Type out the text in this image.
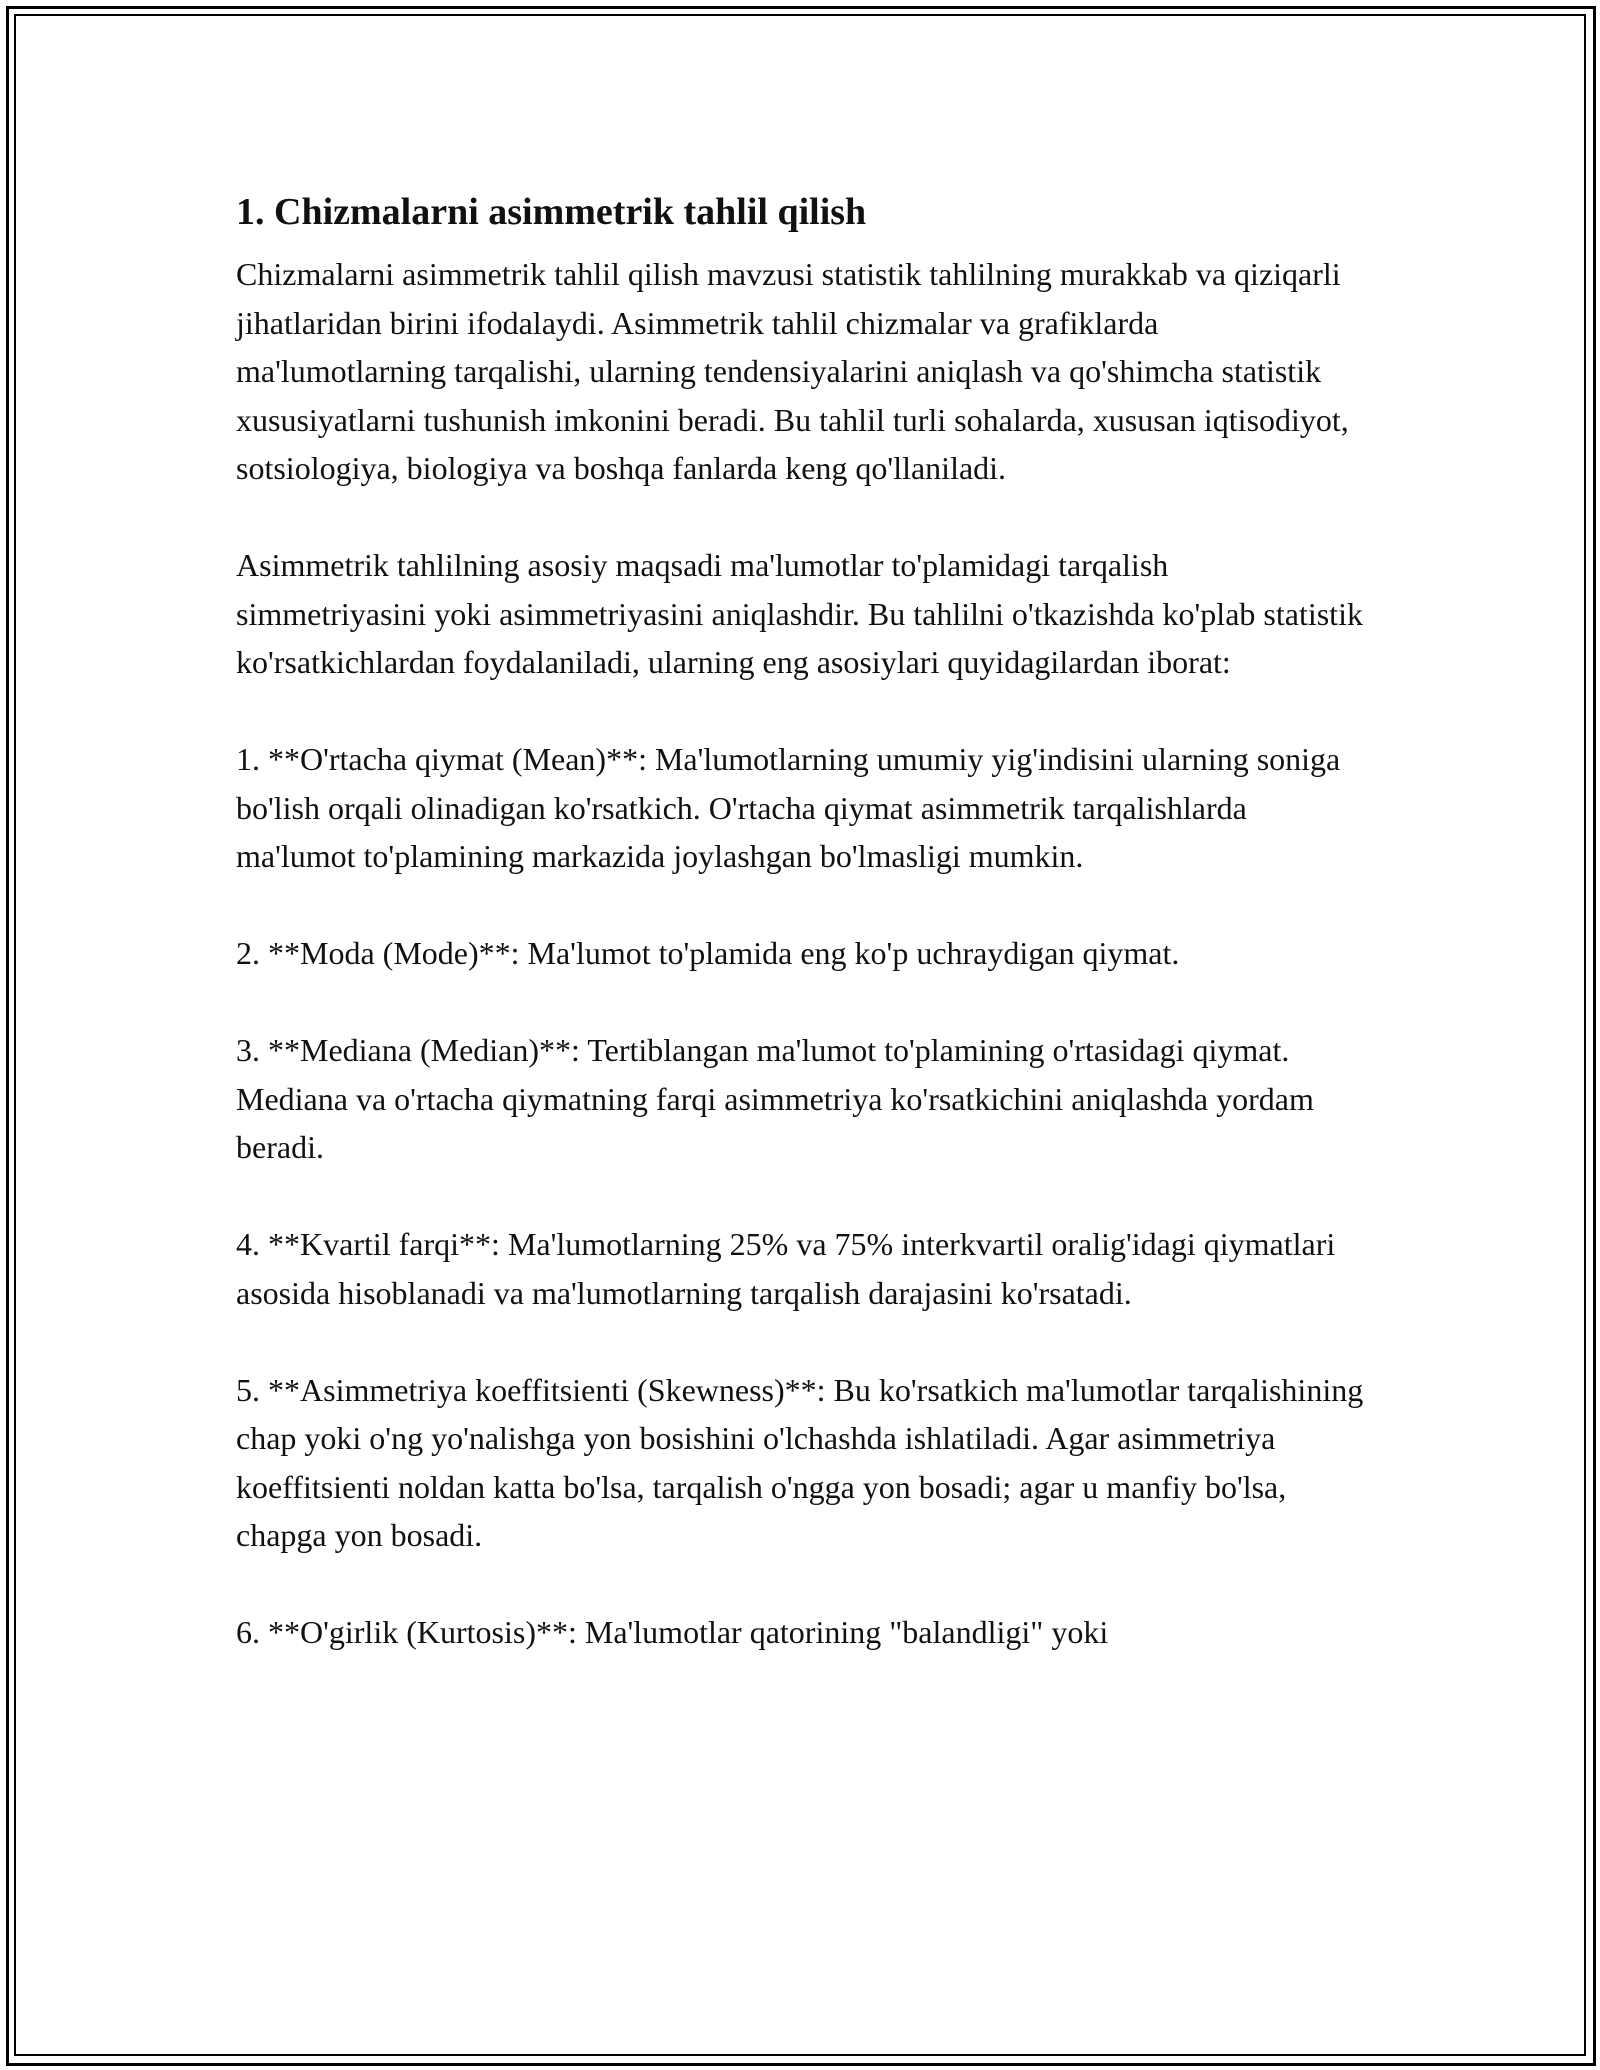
1. Chizmalarni asimmetrik tahlil qilish

Chizmalarni asimmetrik tahlil qilish mavzusi statistik tahlilning murakkab va qiziqarli jihatlaridan birini ifodalaydi. Asimmetrik tahlil chizmalar va grafiklarda ma'lumotlarning tarqalishi, ularning tendensiyalarini aniqlash va qo'shimcha statistik xususiyatlarni tushunish imkonini beradi. Bu tahlil turli sohalarda, xususan iqtisodiyot, sotsiologiya, biologiya va boshqa fanlarda keng qo'llaniladi.

Asimmetrik tahlilning asosiy maqsadi ma'lumotlar to'plamidagi tarqalish simmetriyasini yoki asimmetriyasini aniqlashdir. Bu tahlilni o'tkazishda ko'plab statistik ko'rsatkichlardan foydalaniladi, ularning eng asosiylari quyidagilardan iborat:

1. **O'rtacha qiymat (Mean)**: Ma'lumotlarning umumiy yig'indisini ularning soniga bo'lish orqali olinadigan ko'rsatkich. O'rtacha qiymat asimmetrik tarqalishlarda ma'lumot to'plamining markazida joylashgan bo'lmasligi mumkin.

2. **Moda (Mode)**: Ma'lumot to'plamida eng ko'p uchraydigan qiymat.

3. **Mediana (Median)**: Tertiblangan ma'lumot to'plamining o'rtasidagi qiymat. Mediana va o'rtacha qiymatning farqi asimmetriya ko'rsatkichini aniqlashda yordam beradi.

4. **Kvartil farqi**: Ma'lumotlarning 25% va 75% interkvartil oralig'idagi qiymatlari asosida hisoblanadi va ma'lumotlarning tarqalish darajasini ko'rsatadi.

5. **Asimmetriya koeffitsienti (Skewness)**: Bu ko'rsatkich ma'lumotlar tarqalishining chap yoki o'ng yo'nalishga yon bosishini o'lchashda ishlatiladi. Agar asimmetriya koeffitsienti noldan katta bo'lsa, tarqalish o'ngga yon bosadi; agar u manfiy bo'lsa, chapga yon bosadi.

6. **O'girlik (Kurtosis)**: Ma'lumotlar qatorining "balandligi" yoki
